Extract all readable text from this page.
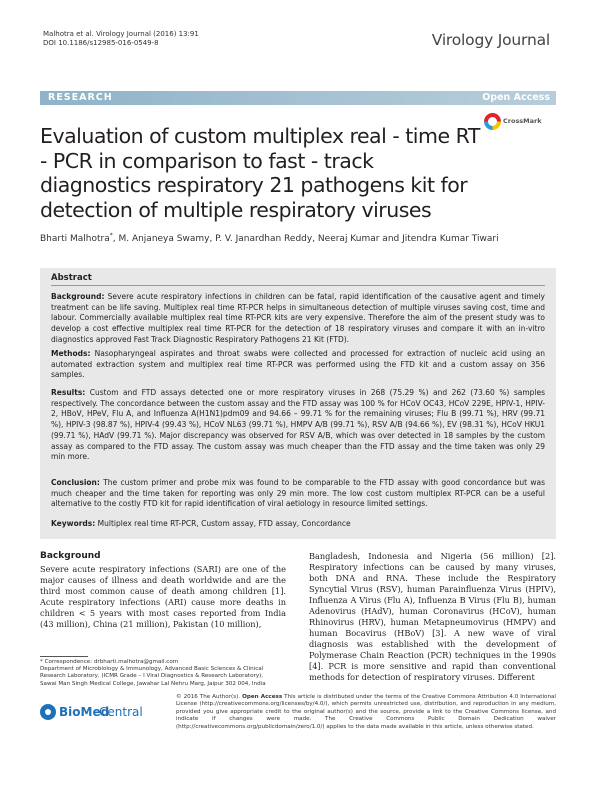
Malhotra et al. Virology Journal (2016) 13:91
DOI 10.1186/s12985-016-0549-8	Virology Journal
RESEARCH	Open Access
Evaluation of custom multiplex real - time RT - PCR in comparison to fast - track diagnostics respiratory 21 pathogens kit for detection of multiple respiratory viruses
CrossMark
Bharti Malhotra*, M. Anjaneya Swamy, P. V. Janardhan Reddy, Neeraj Kumar and Jitendra Kumar Tiwari
Abstract
Background: Severe acute respiratory infections in children can be fatal, rapid identification of the causative agent and timely treatment can be life saving. Multiplex real time RT-PCR helps in simultaneous detection of multiple viruses saving cost, time and labour. Commercially available multiplex real time RT-PCR kits are very expensive. Therefore the aim of the present study was to develop a cost effective multiplex real time RT-PCR for the detection of 18 respiratory viruses and compare it with an in-vitro diagnostics approved Fast Track Diagnostic Respiratory Pathogens 21 Kit (FTD).
Methods: Nasopharyngeal aspirates and throat swabs were collected and processed for extraction of nucleic acid using an automated extraction system and multiplex real time RT-PCR was performed using the FTD kit and a custom assay on 356 samples.
Results: Custom and FTD assays detected one or more respiratory viruses in 268 (75.29 %) and 262 (73.60 %) samples respectively. The concordance between the custom assay and the FTD assay was 100 % for HCoV OC43, HCoV 229E, HPIV-1, HPIV-2, HBoV, HPeV, Flu A, and Influenza A(H1N1)pdm09 and 94.66 – 99.71 % for the remaining viruses; Flu B (99.71 %), HRV (99.71 %), HPIV-3 (98.87 %), HPIV-4 (99.43 %), HCoV NL63 (99.71 %), HMPV A/B (99.71 %), RSV A/B (94.66 %), EV (98.31 %), HCoV HKU1 (99.71 %), HAdV (99.71 %). Major discrepancy was observed for RSV A/B, which was over detected in 18 samples by the custom assay as compared to the FTD assay. The custom assay was much cheaper than the FTD assay and the time taken was only 29 min more.
Conclusion: The custom primer and probe mix was found to be comparable to the FTD assay with good concordance but was much cheaper and the time taken for reporting was only 29 min more. The low cost custom multiplex RT-PCR can be a useful alternative to the costly FTD kit for rapid identification of viral aetiology in resource limited settings.
Keywords: Multiplex real time RT-PCR, Custom assay, FTD assay, Concordance
Background
Severe acute respiratory infections (SARI) are one of the major causes of illness and death worldwide and are the third most common cause of death among children [1]. Acute respiratory infections (ARI) cause more deaths in children < 5 years with most cases reported from India (43 million), China (21 million), Pakistan (10 million),
Bangladesh, Indonesia and Nigeria (56 million) [2]. Respiratory infections can be caused by many viruses, both DNA and RNA. These include the Respiratory Syncytial Virus (RSV), human Parainfluenza Virus (HPIV), Influenza A Virus (Flu A), Influenza B Virus (Flu B), human Adenovirus (HAdV), human Coronavirus (HCoV), human Rhinovirus (HRV), human Metapneumovirus (HMPV) and human Bocavirus (HBoV) [3]. A new wave of viral diagnosis was established with the development of Polymerase Chain Reaction (PCR) techniques in the 1990s [4]. PCR is more sensitive and rapid than conventional methods for detection of respiratory viruses. Different
* Correspondence: drbharti.malhotra@gmail.com
Department of Microbiology & Immunology, Advanced Basic Sciences & Clinical Research Laboratory, (ICMR Grade – I Viral Diagnostics & Research Laboratory), Sawai Man Singh Medical College, Jawahar Lal Nehru Marg, Jaipur 302 004, India
BioMed
Central
© 2016 The Author(s). Open Access This article is distributed under the terms of the Creative Commons Attribution 4.0 International License (http://creativecommons.org/licenses/by/4.0/), which permits unrestricted use, distribution, and reproduction in any medium, provided you give appropriate credit to the original author(s) and the source, provide a link to the Creative Commons license, and indicate if changes were made. The Creative Commons Public Domain Dedication waiver (http://creativecommons.org/publicdomain/zero/1.0/) applies to the data made available in this article, unless otherwise stated.
